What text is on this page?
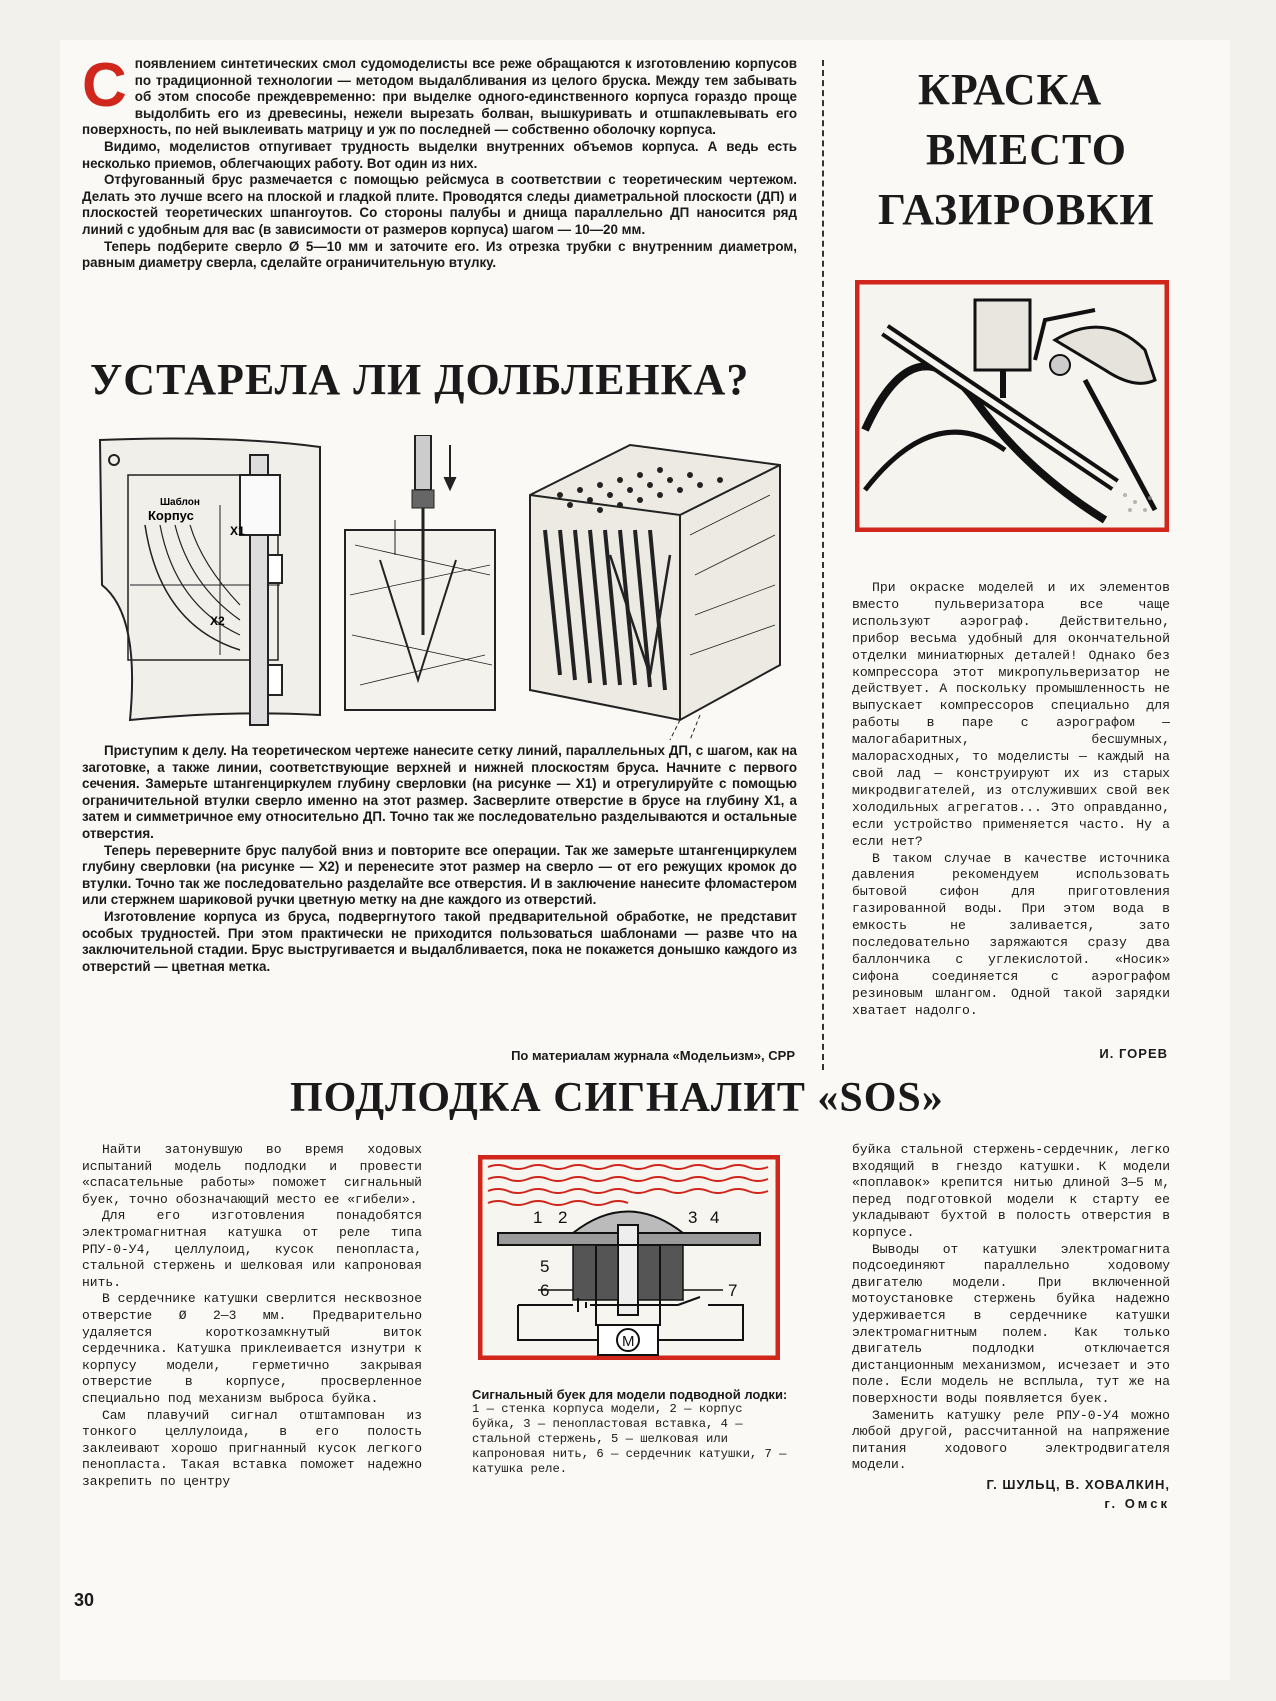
С появлением синтетических смол судомоделисты все реже обращаются к изготовлению корпусов по традиционной технологии — методом выдалбливания из целого бруска. Между тем забывать об этом способе преждевременно: при выделке одного-единственного корпуса гораздо проще выдолбить его из древесины, нежели вырезать болван, вышкуривать и отшпаклевывать его поверхность, по ней выклеивать матрицу и уж по последней — собственно оболочку корпуса.

Видимо, моделистов отпугивает трудность выделки внутренних объемов корпуса. А ведь есть несколько приемов, облегчающих работу. Вот один из них.

Отфугованный брус размечается с помощью рейсмуса в соответствии с теоретическим чертежом. Делать это лучше всего на плоской и гладкой плите. Проводятся следы диаметральной плоскости (ДП) и плоскостей теоретических шпангоутов. Со стороны палубы и днища параллельно ДП наносится ряд линий с удобным для вас (в зависимости от размеров корпуса) шагом — 10—20 мм.

Теперь подберите сверло Ø 5—10 мм и заточите его. Из отрезка трубки с внутренним диаметром, равным диаметру сверла, сделайте ограничительную втулку.

УСТАРЕЛА ЛИ ДОЛБЛЕНКА?
Шаблон
Корпус
X1
X2

Приступим к делу. На теоретическом чертеже нанесите сетку линий, параллельных ДП, с шагом, как на заготовке, а также линии, соответствующие верхней и нижней плоскостям бруса. Начните с первого сечения. Замерьте штангенциркулем глубину сверловки (на рисунке — X1) и отрегулируйте с помощью ограничительной втулки сверло именно на этот размер. Засверлите отверстие в брусе на глубину X1, а затем и симметричное ему относительно ДП. Точно так же последовательно разделываются и остальные отверстия.

Теперь переверните брус палубой вниз и повторите все операции. Так же замерьте штангенциркулем глубину сверловки (на рисунке — X2) и перенесите этот размер на сверло — от его режущих кромок до втулки. Точно так же последовательно разделайте все отверстия. И в заключение нанесите фломастером или стержнем шариковой ручки цветную метку на дне каждого из отверстий.

Изготовление корпуса из бруса, подвергнутого такой предварительной обработке, не представит особых трудностей. При этом практически не приходится пользоваться шаблонами — разве что на заключительной стадии. Брус выстругивается и выдалбливается, пока не покажется донышко каждого из отверстий — цветная метка.

По материалам журнала «Модельизм», СРР
КРАСКА
ВМЕСТО
ГАЗИРОВКИ

При окраске моделей и их элементов вместо пульверизатора все чаще используют аэрограф. Действительно, прибор весьма удобный для окончательной отделки миниатюрных деталей! Однако без компрессора этот микропульверизатор не действует. А поскольку промышленность не выпускает компрессоров специально для работы в паре с аэрографом — малогабаритных, бесшумных, малорасходных, то моделисты — каждый на свой лад — конструируют их из старых микродвигателей, из отслуживших свой век холодильных агрегатов... Это оправданно, если устройство применяется часто. Ну а если нет?

В таком случае в качестве источника давления рекомендуем использовать бытовой сифон для приготовления газированной воды. При этом вода в емкость не заливается, зато последовательно заряжаются сразу два баллончика с углекислотой. «Носик» сифона соединяется с аэрографом резиновым шлангом. Одной такой зарядки хватает надолго.

И. ГОРЕВ
ПОДЛОДКА СИГНАЛИТ «SOS»

Найти затонувшую во время ходовых испытаний модель подлодки и провести «спасательные работы» поможет сигнальный буек, точно обозначающий место ее «гибели».

Для его изготовления понадобятся электромагнитная катушка от реле типа РПУ-0-У4, целлулоид, кусок пенопласта, стальной стержень и шелковая или капроновая нить.

В сердечнике катушки сверлится несквозное отверстие Ø 2—3 мм. Предварительно удаляется короткозамкнутый виток сердечника. Катушка приклеивается изнутри к корпусу модели, герметично закрывая отверстие в корпусе, просверленное специально под механизм выброса буйка.

Сам плавучий сигнал отштампован из тонкого целлулоида, в его полость заклеивают хорошо пригнанный кусок легкого пенопласта. Такая вставка поможет надежно закрепить по центру

1 2	3 4
5
6	7
М
Сигнальный буек для модели подводной лодки:
1 — стенка корпуса модели, 2 — корпус буйка, 3 — пенопластовая вставка, 4 — стальной стержень, 5 — шелковая или капроновая нить, 6 — сердечник катушки, 7 — катушка реле.

буйка стальной стержень-сердечник, легко входящий в гнездо катушки. К модели «поплавок» крепится нитью длиной 3—5 м, перед подготовкой модели к старту ее укладывают бухтой в полость отверстия в корпусе.

Выводы от катушки электромагнита подсоединяют параллельно ходовому двигателю модели. При включенной мотоустановке стержень буйка надежно удерживается в сердечнике катушки электромагнитным полем. Как только двигатель подлодки отключается дистанционным механизмом, исчезает и это поле. Если модель не всплыла, тут же на поверхности воды появляется буек.

Заменить катушку реле РПУ-0-У4 можно любой другой, рассчитанной на напряжение питания ходового электродвигателя модели.

Г. ШУЛЬЦ, В. ХОВАЛКИН,
г. Омск
30
